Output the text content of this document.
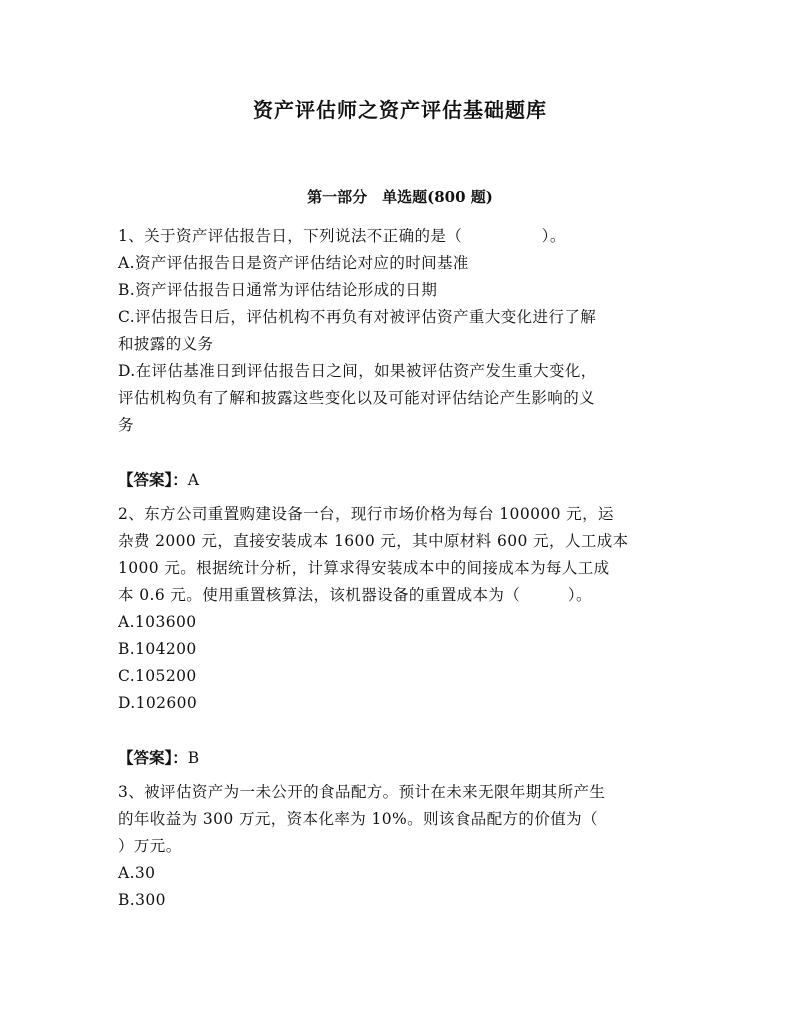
资产评估师之资产评估基础题库
第一部分　单选题(800 题)
1、关于资产评估报告日，下列说法不正确的是（　　　　　）。
A.资产评估报告日是资产评估结论对应的时间基准
B.资产评估报告日通常为评估结论形成的日期
C.评估报告日后，评估机构不再负有对被评估资产重大变化进行了解
和披露的义务
D.在评估基准日到评估报告日之间，如果被评估资产发生重大变化，
评估机构负有了解和披露这些变化以及可能对评估结论产生影响的义
务
【答案】：A
2、东方公司重置购建设备一台，现行市场价格为每台 100000 元，运
杂费 2000 元，直接安装成本 1600 元，其中原材料 600 元，人工成本
1000 元。根据统计分析，计算求得安装成本中的间接成本为每人工成
本 0.6 元。使用重置核算法，该机器设备的重置成本为（　　　）。
A.103600
B.104200
C.105200
D.102600
【答案】：B
3、被评估资产为一未公开的食品配方。预计在未来无限年期其所产生
的年收益为 300 万元，资本化率为 10%。则该食品配方的价值为（
）万元。
A.30
B.300
